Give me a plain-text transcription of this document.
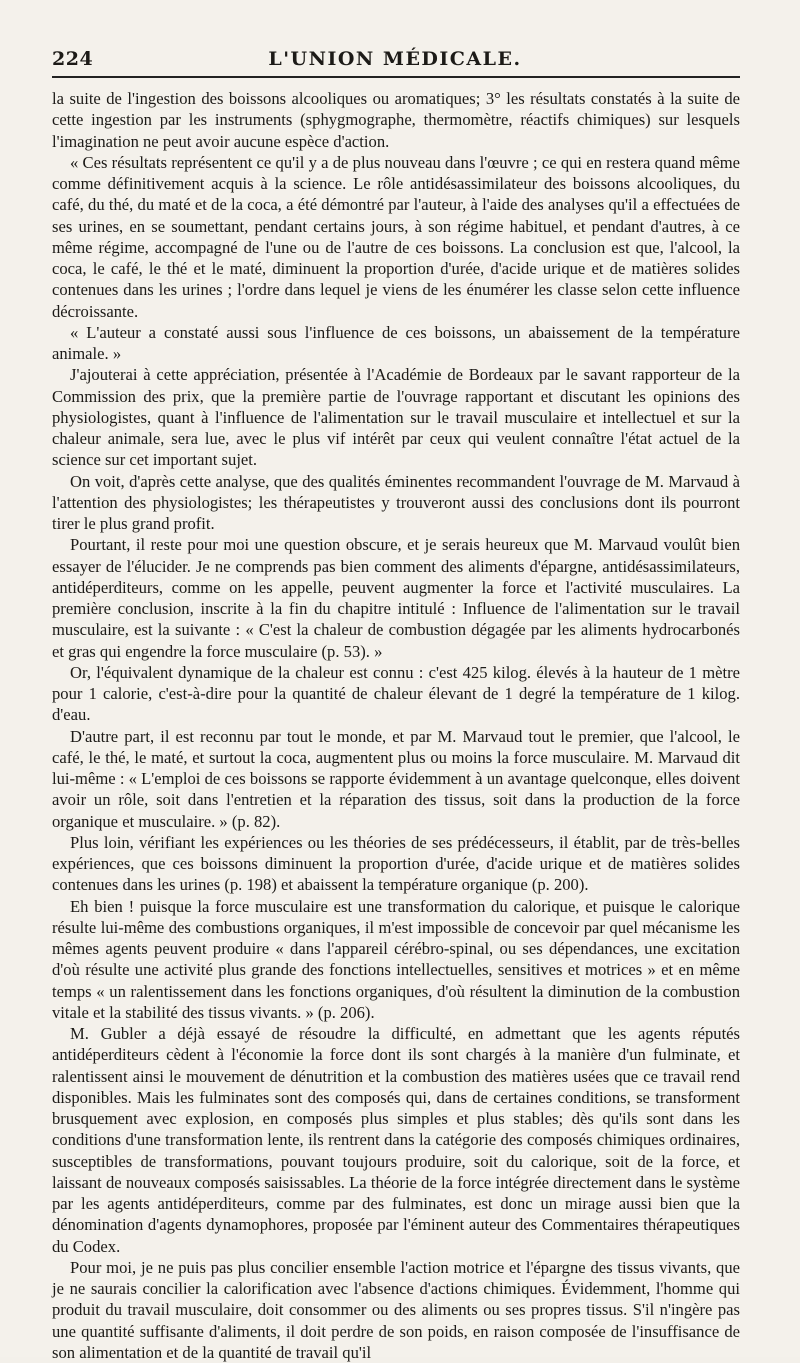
224	L'UNION MÉDICALE.

la suite de l'ingestion des boissons alcooliques ou aromatiques; 3° les résultats constatés à la suite de cette ingestion par les instruments (sphygmographe, thermomètre, réactifs chimiques) sur lesquels l'imagination ne peut avoir aucune espèce d'action.

« Ces résultats représentent ce qu'il y a de plus nouveau dans l'œuvre ; ce qui en restera quand même comme définitivement acquis à la science. Le rôle antidésassimilateur des boissons alcooliques, du café, du thé, du maté et de la coca, a été démontré par l'auteur, à l'aide des analyses qu'il a effectuées de ses urines, en se soumettant, pendant certains jours, à son régime habituel, et pendant d'autres, à ce même régime, accompagné de l'une ou de l'autre de ces boissons. La conclusion est que, l'alcool, la coca, le café, le thé et le maté, diminuent la proportion d'urée, d'acide urique et de matières solides contenues dans les urines ; l'ordre dans lequel je viens de les énumérer les classe selon cette influence décroissante.

« L'auteur a constaté aussi sous l'influence de ces boissons, un abaissement de la température animale. »

J'ajouterai à cette appréciation, présentée à l'Académie de Bordeaux par le savant rapporteur de la Commission des prix, que la première partie de l'ouvrage rapportant et discutant les opinions des physiologistes, quant à l'influence de l'alimentation sur le travail musculaire et intellectuel et sur la chaleur animale, sera lue, avec le plus vif intérêt par ceux qui veulent connaître l'état actuel de la science sur cet important sujet.

On voit, d'après cette analyse, que des qualités éminentes recommandent l'ouvrage de M. Marvaud à l'attention des physiologistes; les thérapeutistes y trouveront aussi des conclusions dont ils pourront tirer le plus grand profit.

Pourtant, il reste pour moi une question obscure, et je serais heureux que M. Marvaud voulût bien essayer de l'élucider. Je ne comprends pas bien comment des aliments d'épargne, antidésassimilateurs, antidéperditeurs, comme on les appelle, peuvent augmenter la force et l'activité musculaires. La première conclusion, inscrite à la fin du chapitre intitulé : Influence de l'alimentation sur le travail musculaire, est la suivante : « C'est la chaleur de combustion dégagée par les aliments hydrocarbonés et gras qui engendre la force musculaire (p. 53). »

Or, l'équivalent dynamique de la chaleur est connu : c'est 425 kilog. élevés à la hauteur de 1 mètre pour 1 calorie, c'est-à-dire pour la quantité de chaleur élevant de 1 degré la température de 1 kilog. d'eau.

D'autre part, il est reconnu par tout le monde, et par M. Marvaud tout le premier, que l'alcool, le café, le thé, le maté, et surtout la coca, augmentent plus ou moins la force musculaire. M. Marvaud dit lui-même : « L'emploi de ces boissons se rapporte évidemment à un avantage quelconque, elles doivent avoir un rôle, soit dans l'entretien et la réparation des tissus, soit dans la production de la force organique et musculaire. » (p. 82).

Plus loin, vérifiant les expériences ou les théories de ses prédécesseurs, il établit, par de très-belles expériences, que ces boissons diminuent la proportion d'urée, d'acide urique et de matières solides contenues dans les urines (p. 198) et abaissent la température organique (p. 200).

Eh bien ! puisque la force musculaire est une transformation du calorique, et puisque le calorique résulte lui-même des combustions organiques, il m'est impossible de concevoir par quel mécanisme les mêmes agents peuvent produire « dans l'appareil cérébro-spinal, ou ses dépendances, une excitation d'où résulte une activité plus grande des fonctions intellectuelles, sensitives et motrices » et en même temps « un ralentissement dans les fonctions organiques, d'où résultent la diminution de la combustion vitale et la stabilité des tissus vivants. » (p. 206).

M. Gubler a déjà essayé de résoudre la difficulté, en admettant que les agents réputés antidéperditeurs cèdent à l'économie la force dont ils sont chargés à la manière d'un fulminate, et ralentissent ainsi le mouvement de dénutrition et la combustion des matières usées que ce travail rend disponibles. Mais les fulminates sont des composés qui, dans de certaines conditions, se transforment brusquement avec explosion, en composés plus simples et plus stables; dès qu'ils sont dans les conditions d'une transformation lente, ils rentrent dans la catégorie des composés chimiques ordinaires, susceptibles de transformations, pouvant toujours produire, soit du calorique, soit de la force, et laissant de nouveaux composés saisissables. La théorie de la force intégrée directement dans le système par les agents antidéperditeurs, comme par des fulminates, est donc un mirage aussi bien que la dénomination d'agents dynamophores, proposée par l'éminent auteur des Commentaires thérapeutiques du Codex.

Pour moi, je ne puis pas plus concilier ensemble l'action motrice et l'épargne des tissus vivants, que je ne saurais concilier la calorification avec l'absence d'actions chimiques. Évidemment, l'homme qui produit du travail musculaire, doit consommer ou des aliments ou ses propres tissus. S'il n'ingère pas une quantité suffisante d'aliments, il doit perdre de son poids, en raison composée de l'insuffisance de son alimentation et de la quantité de travail qu'il
